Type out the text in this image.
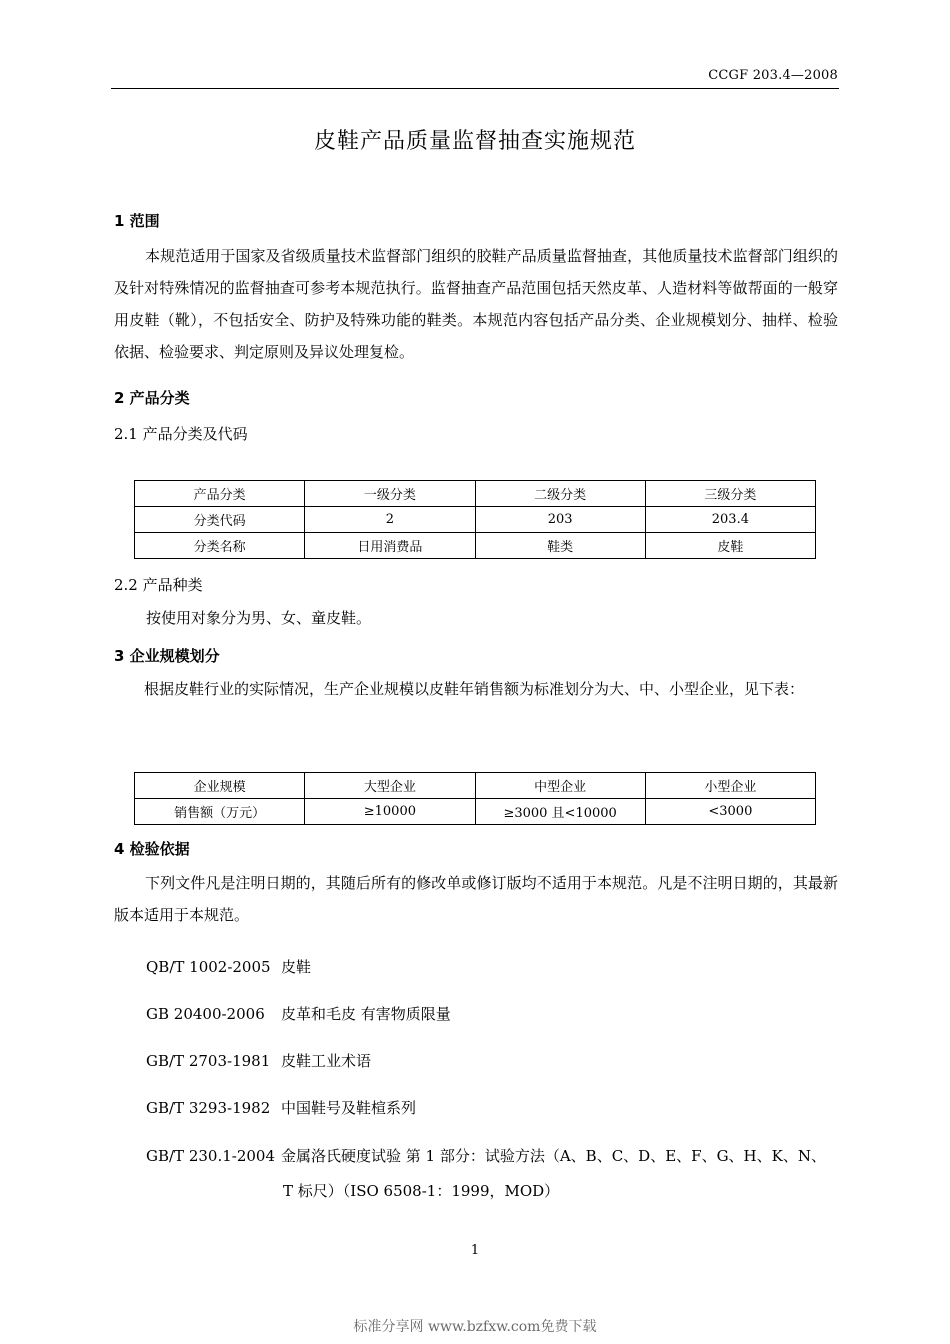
CCGF 203.4—2008
皮鞋产品质量监督抽查实施规范
1 范围
本规范适用于国家及省级质量技术监督部门组织的胶鞋产品质量监督抽查，其他质量技术监督部门组织的及针对特殊情况的监督抽查可参考本规范执行。监督抽查产品范围包括天然皮革、人造材料等做帮面的一般穿用皮鞋（靴），不包括安全、防护及特殊功能的鞋类。本规范内容包括产品分类、企业规模划分、抽样、检验依据、检验要求、判定原则及异议处理复检。
2 产品分类
2.1 产品分类及代码
产品分类	一级分类	二级分类	三级分类
分类代码	2	203	203.4
分类名称	日用消费品	鞋类	皮鞋
2.2 产品种类
按使用对象分为男、女、童皮鞋。
3 企业规模划分
根据皮鞋行业的实际情况，生产企业规模以皮鞋年销售额为标准划分为大、中、小型企业，见下表：
企业规模	大型企业	中型企业	小型企业
销售额（万元）	≥10000	≥3000 且<10000	<3000
4 检验依据
下列文件凡是注明日期的，其随后所有的修改单或修订版均不适用于本规范。凡是不注明日期的，其最新版本适用于本规范。
QB/T 1002-2005 皮鞋
GB 20400-2006 皮革和毛皮 有害物质限量
GB/T 2703-1981 皮鞋工业术语
GB/T 3293-1982 中国鞋号及鞋楦系列
GB/T 230.1-2004 金属洛氏硬度试验 第 1 部分：试验方法（A、B、C、D、E、F、G、H、K、N、
T 标尺）（ISO 6508-1：1999，MOD）
1
标准分享网 www.bzfxw.com免费下载
